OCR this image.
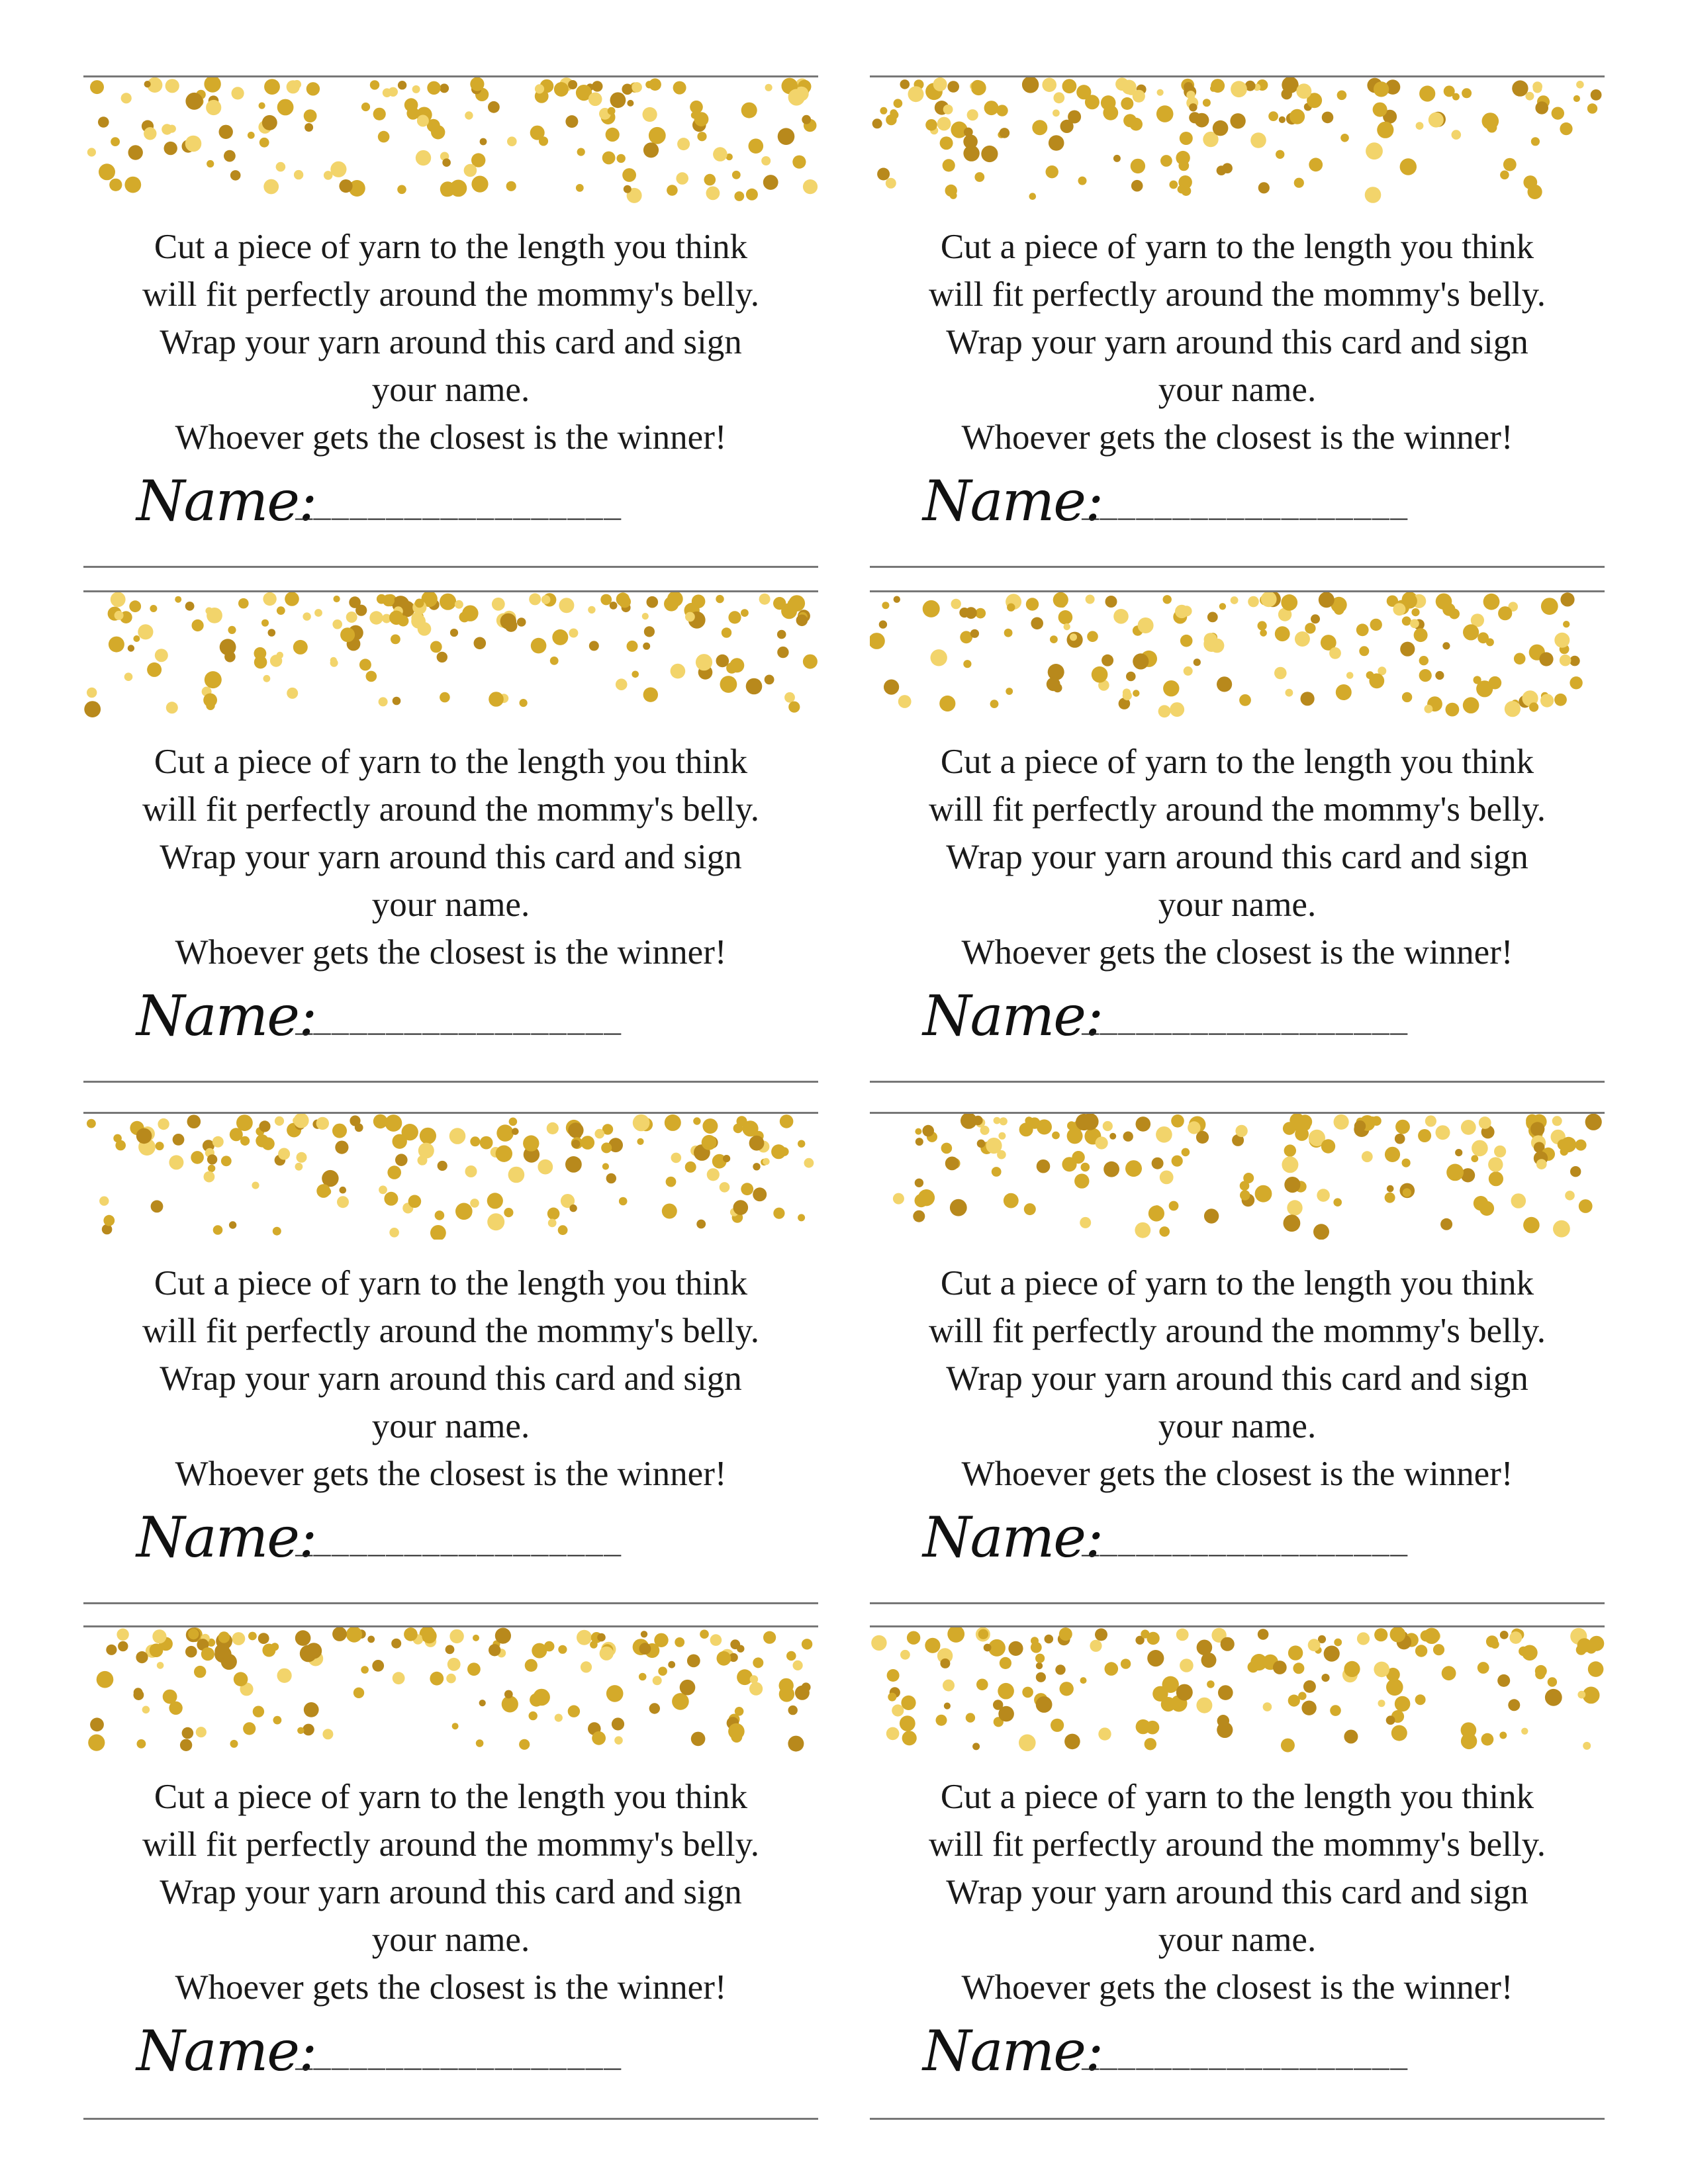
Cut a piece of yarn to the length you think
will fit perfectly around the mommy's belly.
Wrap your yarn around this card and sign
your name.
Whoever gets the closest is the winner!
Name:
__________________
Cut a piece of yarn to the length you think
will fit perfectly around the mommy's belly.
Wrap your yarn around this card and sign
your name.
Whoever gets the closest is the winner!
Name:
__________________
Cut a piece of yarn to the length you think
will fit perfectly around the mommy's belly.
Wrap your yarn around this card and sign
your name.
Whoever gets the closest is the winner!
Name:
__________________
Cut a piece of yarn to the length you think
will fit perfectly around the mommy's belly.
Wrap your yarn around this card and sign
your name.
Whoever gets the closest is the winner!
Name:
__________________
Cut a piece of yarn to the length you think
will fit perfectly around the mommy's belly.
Wrap your yarn around this card and sign
your name.
Whoever gets the closest is the winner!
Name:
__________________
Cut a piece of yarn to the length you think
will fit perfectly around the mommy's belly.
Wrap your yarn around this card and sign
your name.
Whoever gets the closest is the winner!
Name:
__________________
Cut a piece of yarn to the length you think
will fit perfectly around the mommy's belly.
Wrap your yarn around this card and sign
your name.
Whoever gets the closest is the winner!
Name:
__________________
Cut a piece of yarn to the length you think
will fit perfectly around the mommy's belly.
Wrap your yarn around this card and sign
your name.
Whoever gets the closest is the winner!
Name:
__________________
